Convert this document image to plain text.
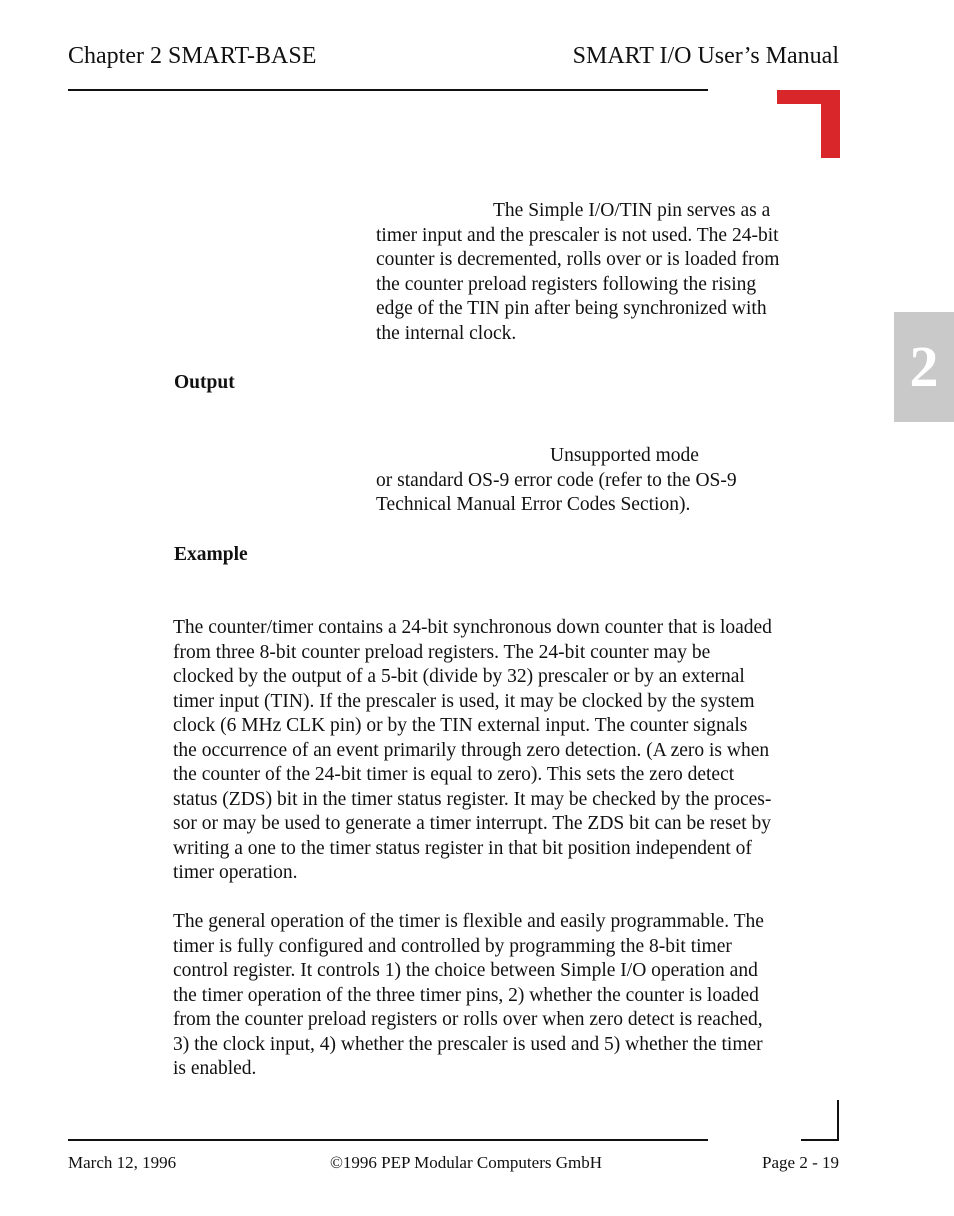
Chapter 2 SMART-BASE	SMART I/O User’s Manual
2
The Simple I/O/TIN pin serves as a
timer input and the prescaler is not used. The 24-bit
counter is decremented, rolls over or is loaded from
the counter preload registers following the rising
edge of the TIN pin after being synchronized with
the internal clock.
Output
Unsupported mode
or standard OS-9 error code (refer to the OS-9
Technical Manual Error Codes Section).
Example
The counter/timer contains a 24-bit synchronous down counter that is loaded
from three 8-bit counter preload registers. The 24-bit counter may be
clocked by the output of a 5-bit (divide by 32) prescaler or by an external
timer input (TIN). If the prescaler is used, it may be clocked by the system
clock (6 MHz CLK pin) or by the TIN external input. The counter signals
the occurrence of an event primarily through zero detection. (A zero is when
the counter of the 24-bit timer is equal to zero). This sets the zero detect
status (ZDS) bit in the timer status register. It may be checked by the proces-
sor or may be used to generate a timer interrupt. The ZDS bit can be reset by
writing a one to the timer status register in that bit position independent of
timer operation.
The general operation of the timer is flexible and easily programmable. The
timer is fully configured and controlled by programming the 8-bit timer
control register. It controls 1) the choice between Simple I/O operation and
the timer operation of the three timer pins, 2) whether the counter is loaded
from the counter preload registers or rolls over when zero detect is reached,
3) the clock input, 4) whether the prescaler is used and 5) whether the timer
is enabled.
March 12, 1996	©1996 PEP Modular Computers GmbH	Page 2 - 19
